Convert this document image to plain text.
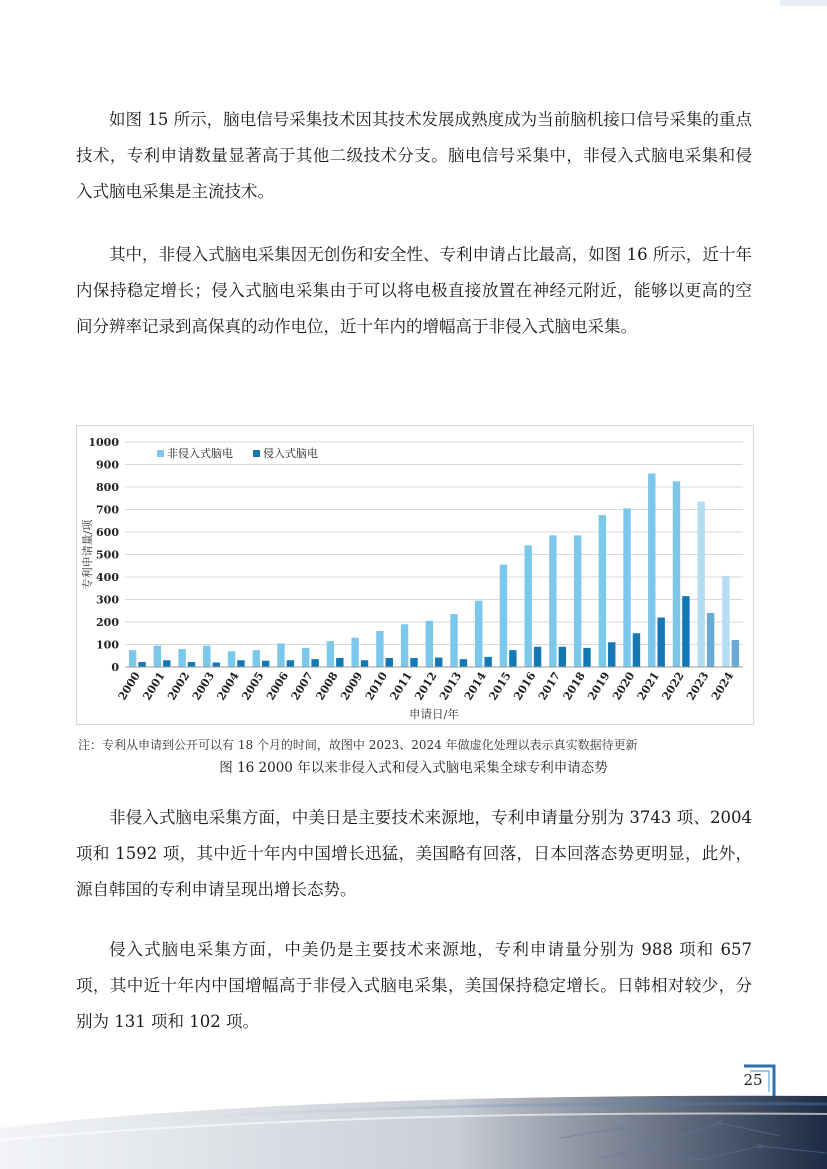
如图 15 所示，脑电信号采集技术因其技术发展成熟度成为当前脑机接口信号采集的重点技术，专利申请数量显著高于其他二级技术分支。脑电信号采集中，非侵入式脑电采集和侵入式脑电采集是主流技术。

其中，非侵入式脑电采集因无创伤和安全性、专利申请占比最高，如图 16 所示，近十年内保持稳定增长；侵入式脑电采集由于可以将电极直接放置在神经元附近，能够以更高的空间分辨率记录到高保真的动作电位，近十年内的增幅高于非侵入式脑电采集。

0
100
200
300
400
500
600
700
800
900
1000
2000
2001
2002
2003
2004
2005
2006
2007
2008
2009
2010
2011
2012
2013
2014
2015
2016
2017
2018
2019
2020
2021
2022
2023
2024
专利申请量/项
申请日/年
非侵入式脑电	侵入式脑电
注：专利从申请到公开可以有 18 个月的时间，故图中 2023、2024 年做虚化处理以表示真实数据待更新
图 16 2000 年以来非侵入式和侵入式脑电采集全球专利申请态势

非侵入式脑电采集方面，中美日是主要技术来源地，专利申请量分别为 3743 项、2004 项和 1592 项，其中近十年内中国增长迅猛，美国略有回落，日本回落态势更明显，此外，源自韩国的专利申请呈现出增长态势。

侵入式脑电采集方面，中美仍是主要技术来源地，专利申请量分别为 988 项和 657 项，其中近十年内中国增幅高于非侵入式脑电采集，美国保持稳定增长。日韩相对较少，分别为 131 项和 102 项。

25
